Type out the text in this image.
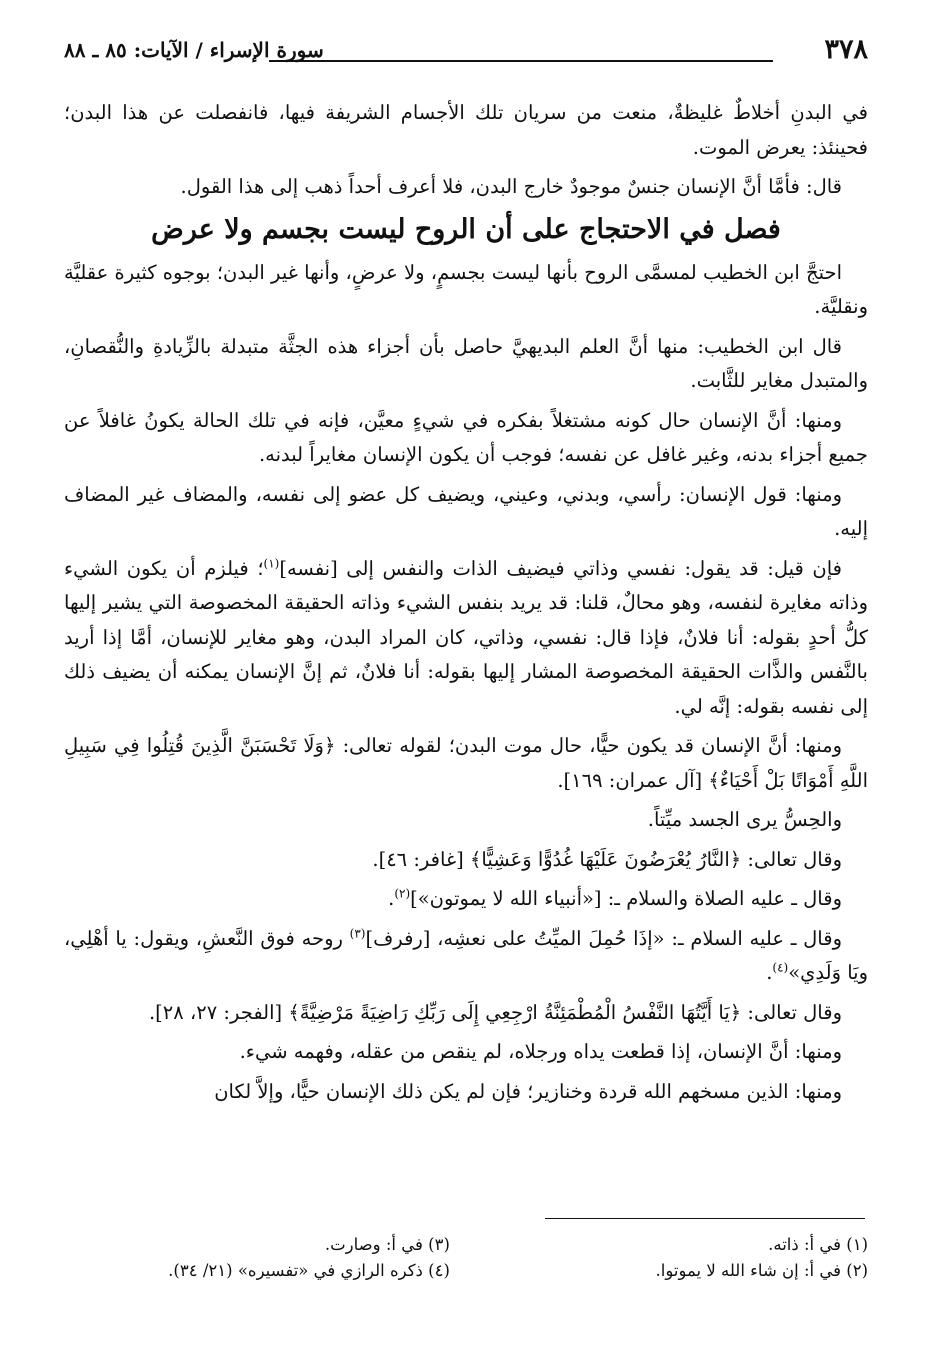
٣٧٨
سورة الإسراء / الآيات: ٨٥ ـ ٨٨

في البدنِ أخلاطٌ غليظةٌ، منعت من سريان تلك الأجسام الشريفة فيها، فانفصلت عن هذا البدن؛ فحينئذ: يعرض الموت.

قال: فأمَّا أنَّ الإنسان جنسٌ موجودٌ خارج البدن، فلا أعرف أحداً ذهب إلى هذا القول.

فصل في الاحتجاج على أن الروح ليست بجسم ولا عرض

احتجَّ ابن الخطيب لمسمَّى الروح بأنها ليست بجسمٍ، ولا عرضٍ، وأنها غير البدن؛ بوجوه كثيرة عقليَّة ونقليَّة.

قال ابن الخطيب: منها أنَّ العلم البديهيَّ حاصل بأن أجزاء هذه الجثَّة متبدلة بالزِّيادةِ والنُّقصانِ، والمتبدل مغاير للثَّابت.

ومنها: أنَّ الإنسان حال كونه مشتغلاً بفكره في شيءٍ معيَّن، فإنه في تلك الحالة يكونُ غافلاً عن جميع أجزاء بدنه، وغير غافل عن نفسه؛ فوجب أن يكون الإنسان مغايراً لبدنه.

ومنها: قول الإنسان: رأسي، وبدني، وعيني، ويضيف كل عضو إلى نفسه، والمضاف غير المضاف إليه.

فإن قيل: قد يقول: نفسي وذاتي فيضيف الذات والنفس إلى [نفسه]$^{(١)}$؛ فيلزم أن يكون الشيء وذاته مغايرة لنفسه، وهو محالٌ، قلنا: قد يريد بنفس الشيء وذاته الحقيقة المخصوصة التي يشير إليها كلُّ أحدٍ بقوله: أنا فلانٌ، فإذا قال: نفسي، وذاتي، كان المراد البدن، وهو مغاير للإنسان، أمَّا إذا أريد بالنَّفس والذَّات الحقيقة المخصوصة المشار إليها بقوله: أنا فلانٌ، ثم إنَّ الإنسان يمكنه أن يضيف ذلك إلى نفسه بقوله: إنَّه لي.

ومنها: أنَّ الإنسان قد يكون حيًّا، حال موت البدن؛ لقوله تعالى: ﴿وَلَا تَحْسَبَنَّ الَّذِينَ قُتِلُوا فِي سَبِيلِ اللَّهِ أَمْوَاتًا بَلْ أَحْيَاءٌ﴾ [آل عمران: ١٦٩].

والحِسُّ يرى الجسد ميِّتاً.

وقال تعالى: ﴿النَّارُ يُعْرَضُونَ عَلَيْهَا غُدُوًّا وَعَشِيًّا﴾ [غافر: ٤٦].

وقال ـ عليه الصلاة والسلام ـ: [«أنبياء الله لا يموتون»]$^{(٢)}$.

وقال ـ عليه السلام ـ: «إذَا حُمِلَ الميِّتُ على نعشِه، [رفرف]$^{(٣)}$ روحه فوق النَّعشِ، ويقول: يا أهْلِي، ويَا وَلَدِي»$^{(٤)}$.

وقال تعالى: ﴿يَا أَيَّتُهَا النَّفْسُ الْمُطْمَئِنَّةُ ارْجِعِي إِلَى رَبِّكِ رَاضِيَةً مَرْضِيَّةً﴾ [الفجر: ٢٧، ٢٨].

ومنها: أنَّ الإنسان، إذا قطعت يداه ورجلاه، لم ينقص من عقله، وفهمه شيء.

ومنها: الذين مسخهم الله قردة وخنازير؛ فإن لم يكن ذلك الإنسان حيًّا، وإلاَّ لكان

(١) في أ: ذاته.
(٣) في أ: وصارت.
(٢) في أ: إن شاء الله لا يموتوا.
(٤) ذكره الرازي في «تفسيره» (٢١/ ٣٤).
